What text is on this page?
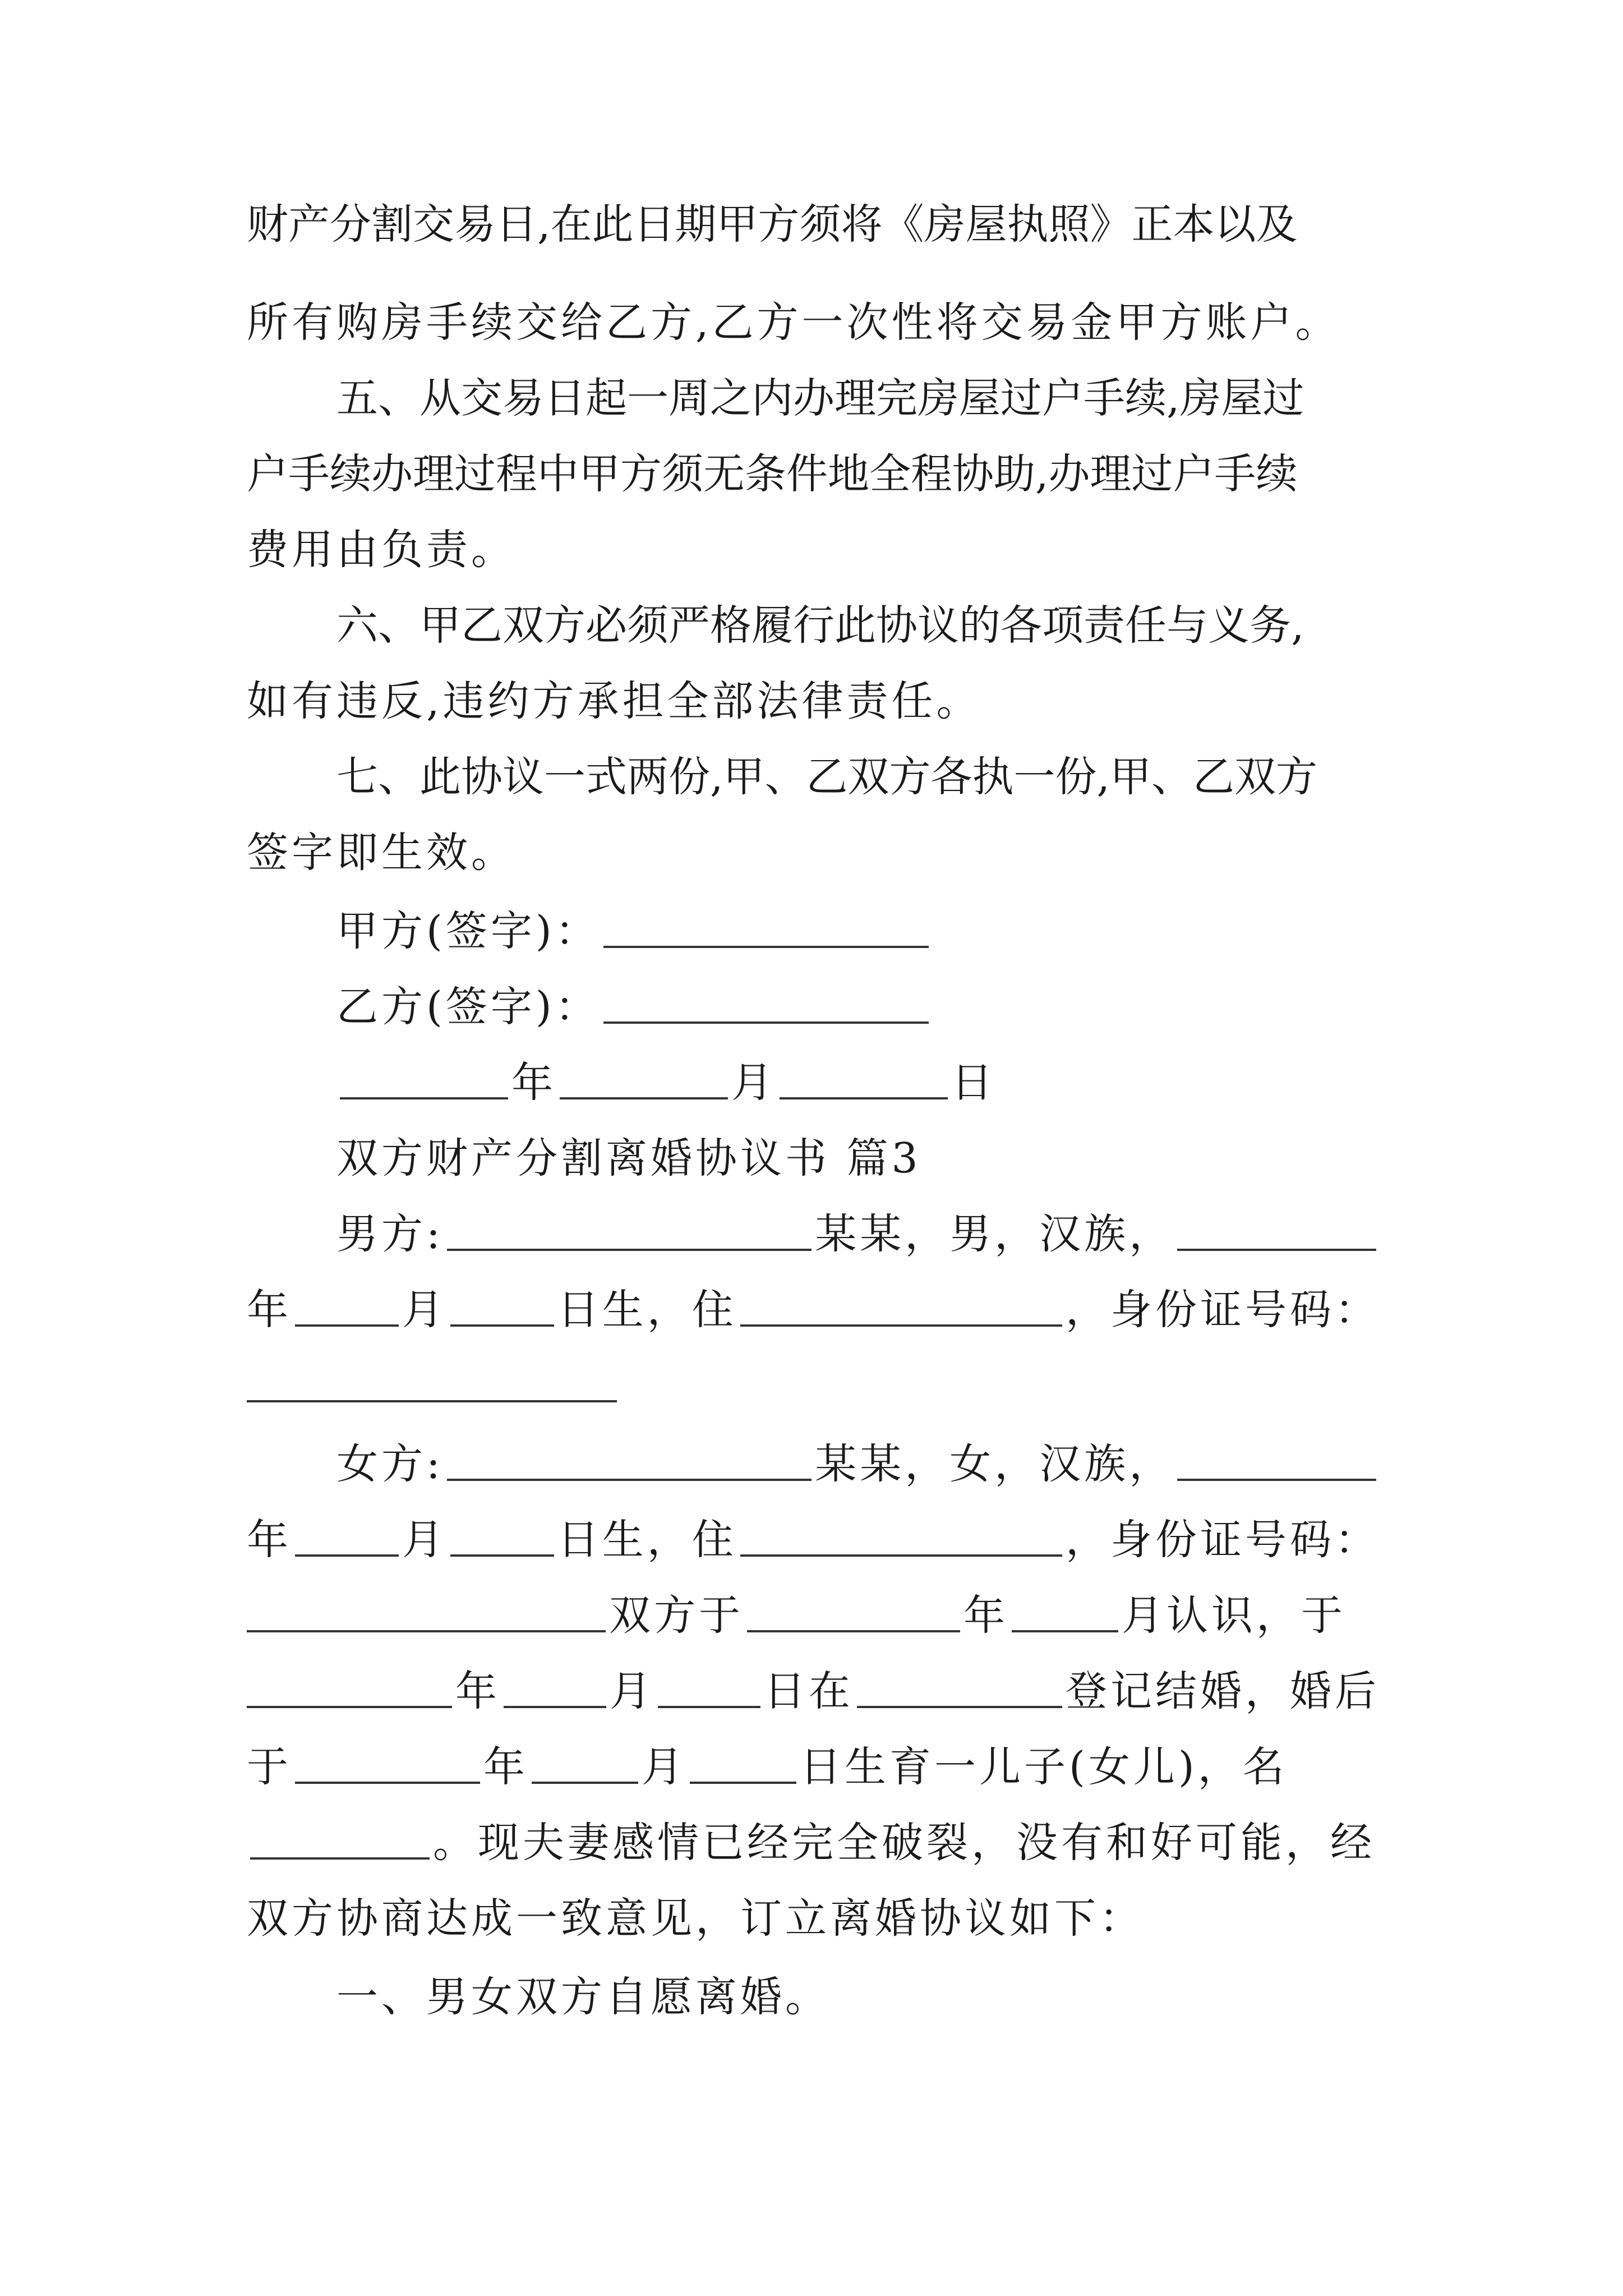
财产分割交易日,在此日期甲方须将《房屋执照》正本以及
所有购房手续交给乙方,乙方一次性将交易金甲方账户。
五、从交易日起一周之内办理完房屋过户手续,房屋过
户手续办理过程中甲方须无条件地全程协助,办理过户手续
费用由负责。
六、甲乙双方必须严格履行此协议的各项责任与义务,
如有违反,违约方承担全部法律责任。
七、此协议一式两份,甲、乙双方各执一份,甲、乙双方
签字即生效。
甲方(签字)：
乙方(签字)：
年	月	日
双方财产分割离婚协议书 篇3
男方:	某某，男，汉族，
年	月	日生，住	，身份证号码：
女方:	某某，女，汉族，
年	月	日生，住	，身份证号码：
双方于	年	月认识，于
年	月	日在	登记结婚，婚后
于	年	月	日生育一儿子(女儿)，名
。现夫妻感情已经完全破裂，没有和好可能，经
双方协商达成一致意见，订立离婚协议如下：
一、男女双方自愿离婚。
